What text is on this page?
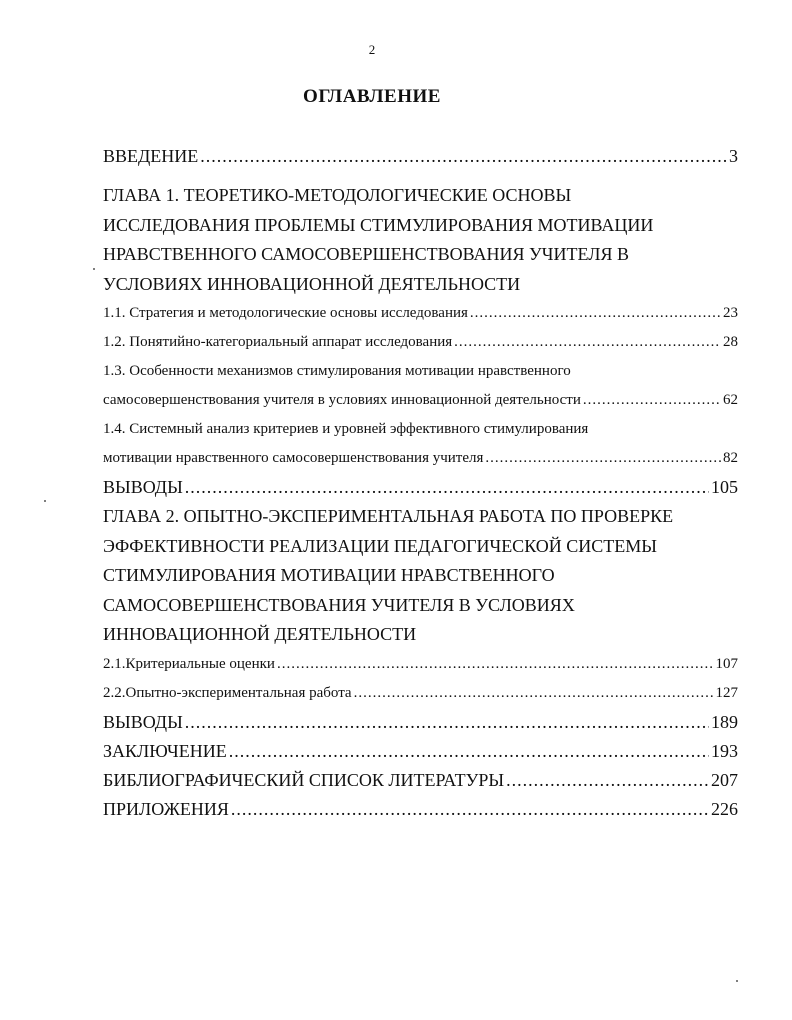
2
ОГЛАВЛЕНИЕ
ВВЕДЕНИЕ .....	3
ГЛАВА 1. ТЕОРЕТИКО-МЕТОДОЛОГИЧЕСКИЕ ОСНОВЫ
ИССЛЕДОВАНИЯ ПРОБЛЕМЫ СТИМУЛИРОВАНИЯ МОТИВАЦИИ
НРАВСТВЕННОГО САМОСОВЕРШЕНСТВОВАНИЯ УЧИТЕЛЯ В
УСЛОВИЯХ ИННОВАЦИОННОЙ ДЕЯТЕЛЬНОСТИ
1.1. Стратегия и методологические основы исследования .....	23
1.2. Понятийно-категориальный аппарат исследования .....	28
1.3. Особенности механизмов стимулирования мотивации нравственного
самосовершенствования учителя в условиях инновационной деятельности .....	62
1.4. Системный анализ критериев и уровней эффективного стимулирования
мотивации нравственного самосовершенствования учителя .....	82
ВЫВОДЫ .....	105
ГЛАВА 2. ОПЫТНО-ЭКСПЕРИМЕНТАЛЬНАЯ РАБОТА ПО ПРОВЕРКЕ
ЭФФЕКТИВНОСТИ РЕАЛИЗАЦИИ ПЕДАГОГИЧЕСКОЙ СИСТЕМЫ
СТИМУЛИРОВАНИЯ МОТИВАЦИИ НРАВСТВЕННОГО
САМОСОВЕРШЕНСТВОВАНИЯ УЧИТЕЛЯ В УСЛОВИЯХ
ИННОВАЦИОННОЙ ДЕЯТЕЛЬНОСТИ
2.1.Критериальные оценки .....	107
2.2.Опытно-экспериментальная работа .....	127
ВЫВОДЫ .....	189
ЗАКЛЮЧЕНИЕ .....	193
БИБЛИОГРАФИЧЕСКИЙ СПИСОК ЛИТЕРАТУРЫ .....	207
ПРИЛОЖЕНИЯ .....	226
